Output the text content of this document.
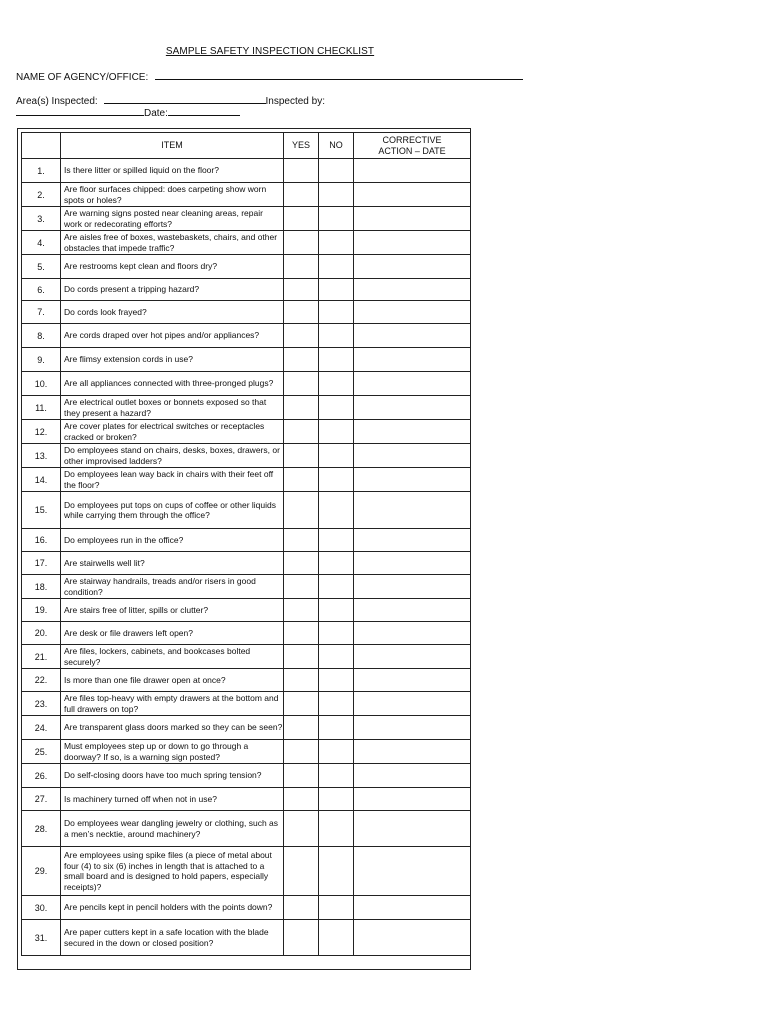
SAMPLE SAFETY INSPECTION CHECKLIST
NAME OF AGENCY/OFFICE:
Area(s) Inspected:	Inspected by:
Date:
	ITEM	YES	NO	CORRECTIVE
ACTION – DATE

1.	Is there litter or spilled liquid on the floor?			
2.	Are floor surfaces chipped: does carpeting show worn spots or holes?			
3.	Are warning signs posted near cleaning areas, repair work or redecorating efforts?			
4.	Are aisles free of boxes, wastebaskets, chairs, and other obstacles that impede traffic?			
5.	Are restrooms kept clean and floors dry?			
6.	Do cords present a tripping hazard?			
7.	Do cords look frayed?			
8.	Are cords draped over hot pipes and/or appliances?			
9.	Are flimsy extension cords in use?			
10.	Are all appliances connected with three-pronged plugs?			
11.	Are electrical outlet boxes or bonnets exposed so that they present a hazard?			
12.	Are cover plates for electrical switches or receptacles cracked or broken?			
13.	Do employees stand on chairs, desks, boxes, drawers, or other improvised ladders?			
14.	Do employees lean way back in chairs with their feet off the floor?			
15.	Do employees put tops on cups of coffee or other liquids while carrying them through the office?			
16.	Do employees run in the office?			
17.	Are stairwells well lit?			
18.	Are stairway handrails, treads and/or risers in good condition?			
19.	Are stairs free of litter, spills or clutter?			
20.	Are desk or file drawers left open?			
21.	Are files, lockers, cabinets, and bookcases bolted securely?			
22.	Is more than one file drawer open at once?			
23.	Are files top-heavy with empty drawers at the bottom and full drawers on top?			
24.	Are transparent glass doors marked so they can be seen?			
25.	Must employees step up or down to go through a doorway? If so, is a warning sign posted?			
26.	Do self-closing doors have too much spring tension?			
27.	Is machinery turned off when not in use?			
28.	Do employees wear dangling jewelry or clothing, such as a men’s necktie, around machinery?			
29.	Are employees using spike files (a piece of metal about four (4) to six (6) inches in length that is attached to a small board and is designed to hold papers, especially receipts)?			
30.	Are pencils kept in pencil holders with the points down?			
31.	Are paper cutters kept in a safe location with the blade secured in the down or closed position?			
